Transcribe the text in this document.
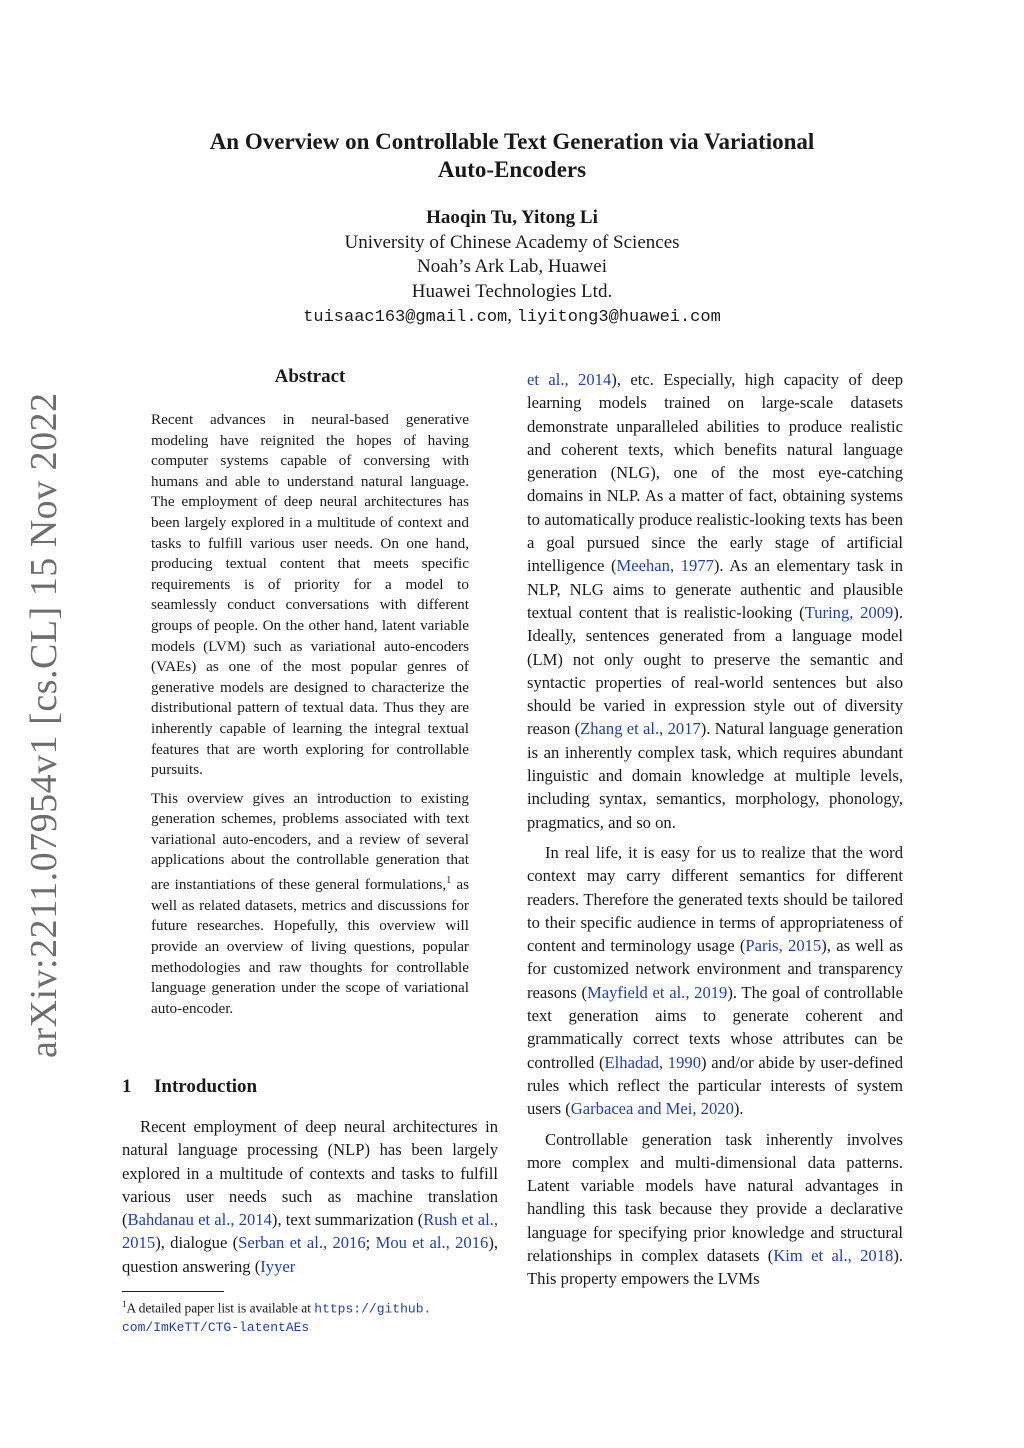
arXiv:2211.07954v1 [cs.CL] 15 Nov 2022
An Overview on Controllable Text Generation via Variational
Auto-Encoders
Haoqin Tu, Yitong Li
University of Chinese Academy of Sciences
Noah’s Ark Lab, Huawei
Huawei Technologies Ltd.
tuisaac163@gmail.com, liyitong3@huawei.com
Abstract

Recent advances in neural-based generative modeling have reignited the hopes of having computer systems capable of conversing with humans and able to understand natural language. The employment of deep neural architectures has been largely explored in a multitude of context and tasks to fulfill various user needs. On one hand, producing textual content that meets specific requirements is of priority for a model to seamlessly conduct conversations with different groups of people. On the other hand, latent variable models (LVM) such as variational auto-encoders (VAEs) as one of the most popular genres of generative models are designed to characterize the distributional pattern of textual data. Thus they are inherently capable of learning the integral textual features that are worth exploring for controllable pursuits.

This overview gives an introduction to existing generation schemes, problems associated with text variational auto-encoders, and a review of several applications about the controllable generation that are instantiations of these general formulations,$^1$ as well as related datasets, metrics and discussions for future researches. Hopefully, this overview will provide an overview of living questions, popular methodologies and raw thoughts for controllable language generation under the scope of variational auto-encoder.

1 Introduction

Recent employment of deep neural architectures in natural language processing (NLP) has been largely explored in a multitude of contexts and tasks to fulfill various user needs such as machine translation (Bahdanau et al., 2014), text summarization (Rush et al., 2015), dialogue (Serban et al., 2016; Mou et al., 2016), question answering (Iyyer

$^1$A detailed paper list is available at https://github.
com/ImKeTT/CTG-latentAEs

et al., 2014), etc. Especially, high capacity of deep learning models trained on large-scale datasets demonstrate unparalleled abilities to produce realistic and coherent texts, which benefits natural language generation (NLG), one of the most eye-catching domains in NLP. As a matter of fact, obtaining systems to automatically produce realistic-looking texts has been a goal pursued since the early stage of artificial intelligence (Meehan, 1977). As an elementary task in NLP, NLG aims to generate authentic and plausible textual content that is realistic-looking (Turing, 2009). Ideally, sentences generated from a language model (LM) not only ought to preserve the semantic and syntactic properties of real-world sentences but also should be varied in expression style out of diversity reason (Zhang et al., 2017). Natural language generation is an inherently complex task, which requires abundant linguistic and domain knowledge at multiple levels, including syntax, semantics, morphology, phonology, pragmatics, and so on.

In real life, it is easy for us to realize that the word context may carry different semantics for different readers. Therefore the generated texts should be tailored to their specific audience in terms of appropriateness of content and terminology usage (Paris, 2015), as well as for customized network environment and transparency reasons (Mayfield et al., 2019). The goal of controllable text generation aims to generate coherent and grammatically correct texts whose attributes can be controlled (Elhadad, 1990) and/or abide by user-defined rules which reflect the particular interests of system users (Garbacea and Mei, 2020).

Controllable generation task inherently involves more complex and multi-dimensional data patterns. Latent variable models have natural advantages in handling this task because they provide a declarative language for specifying prior knowledge and structural relationships in complex datasets (Kim et al., 2018). This property empowers the LVMs
